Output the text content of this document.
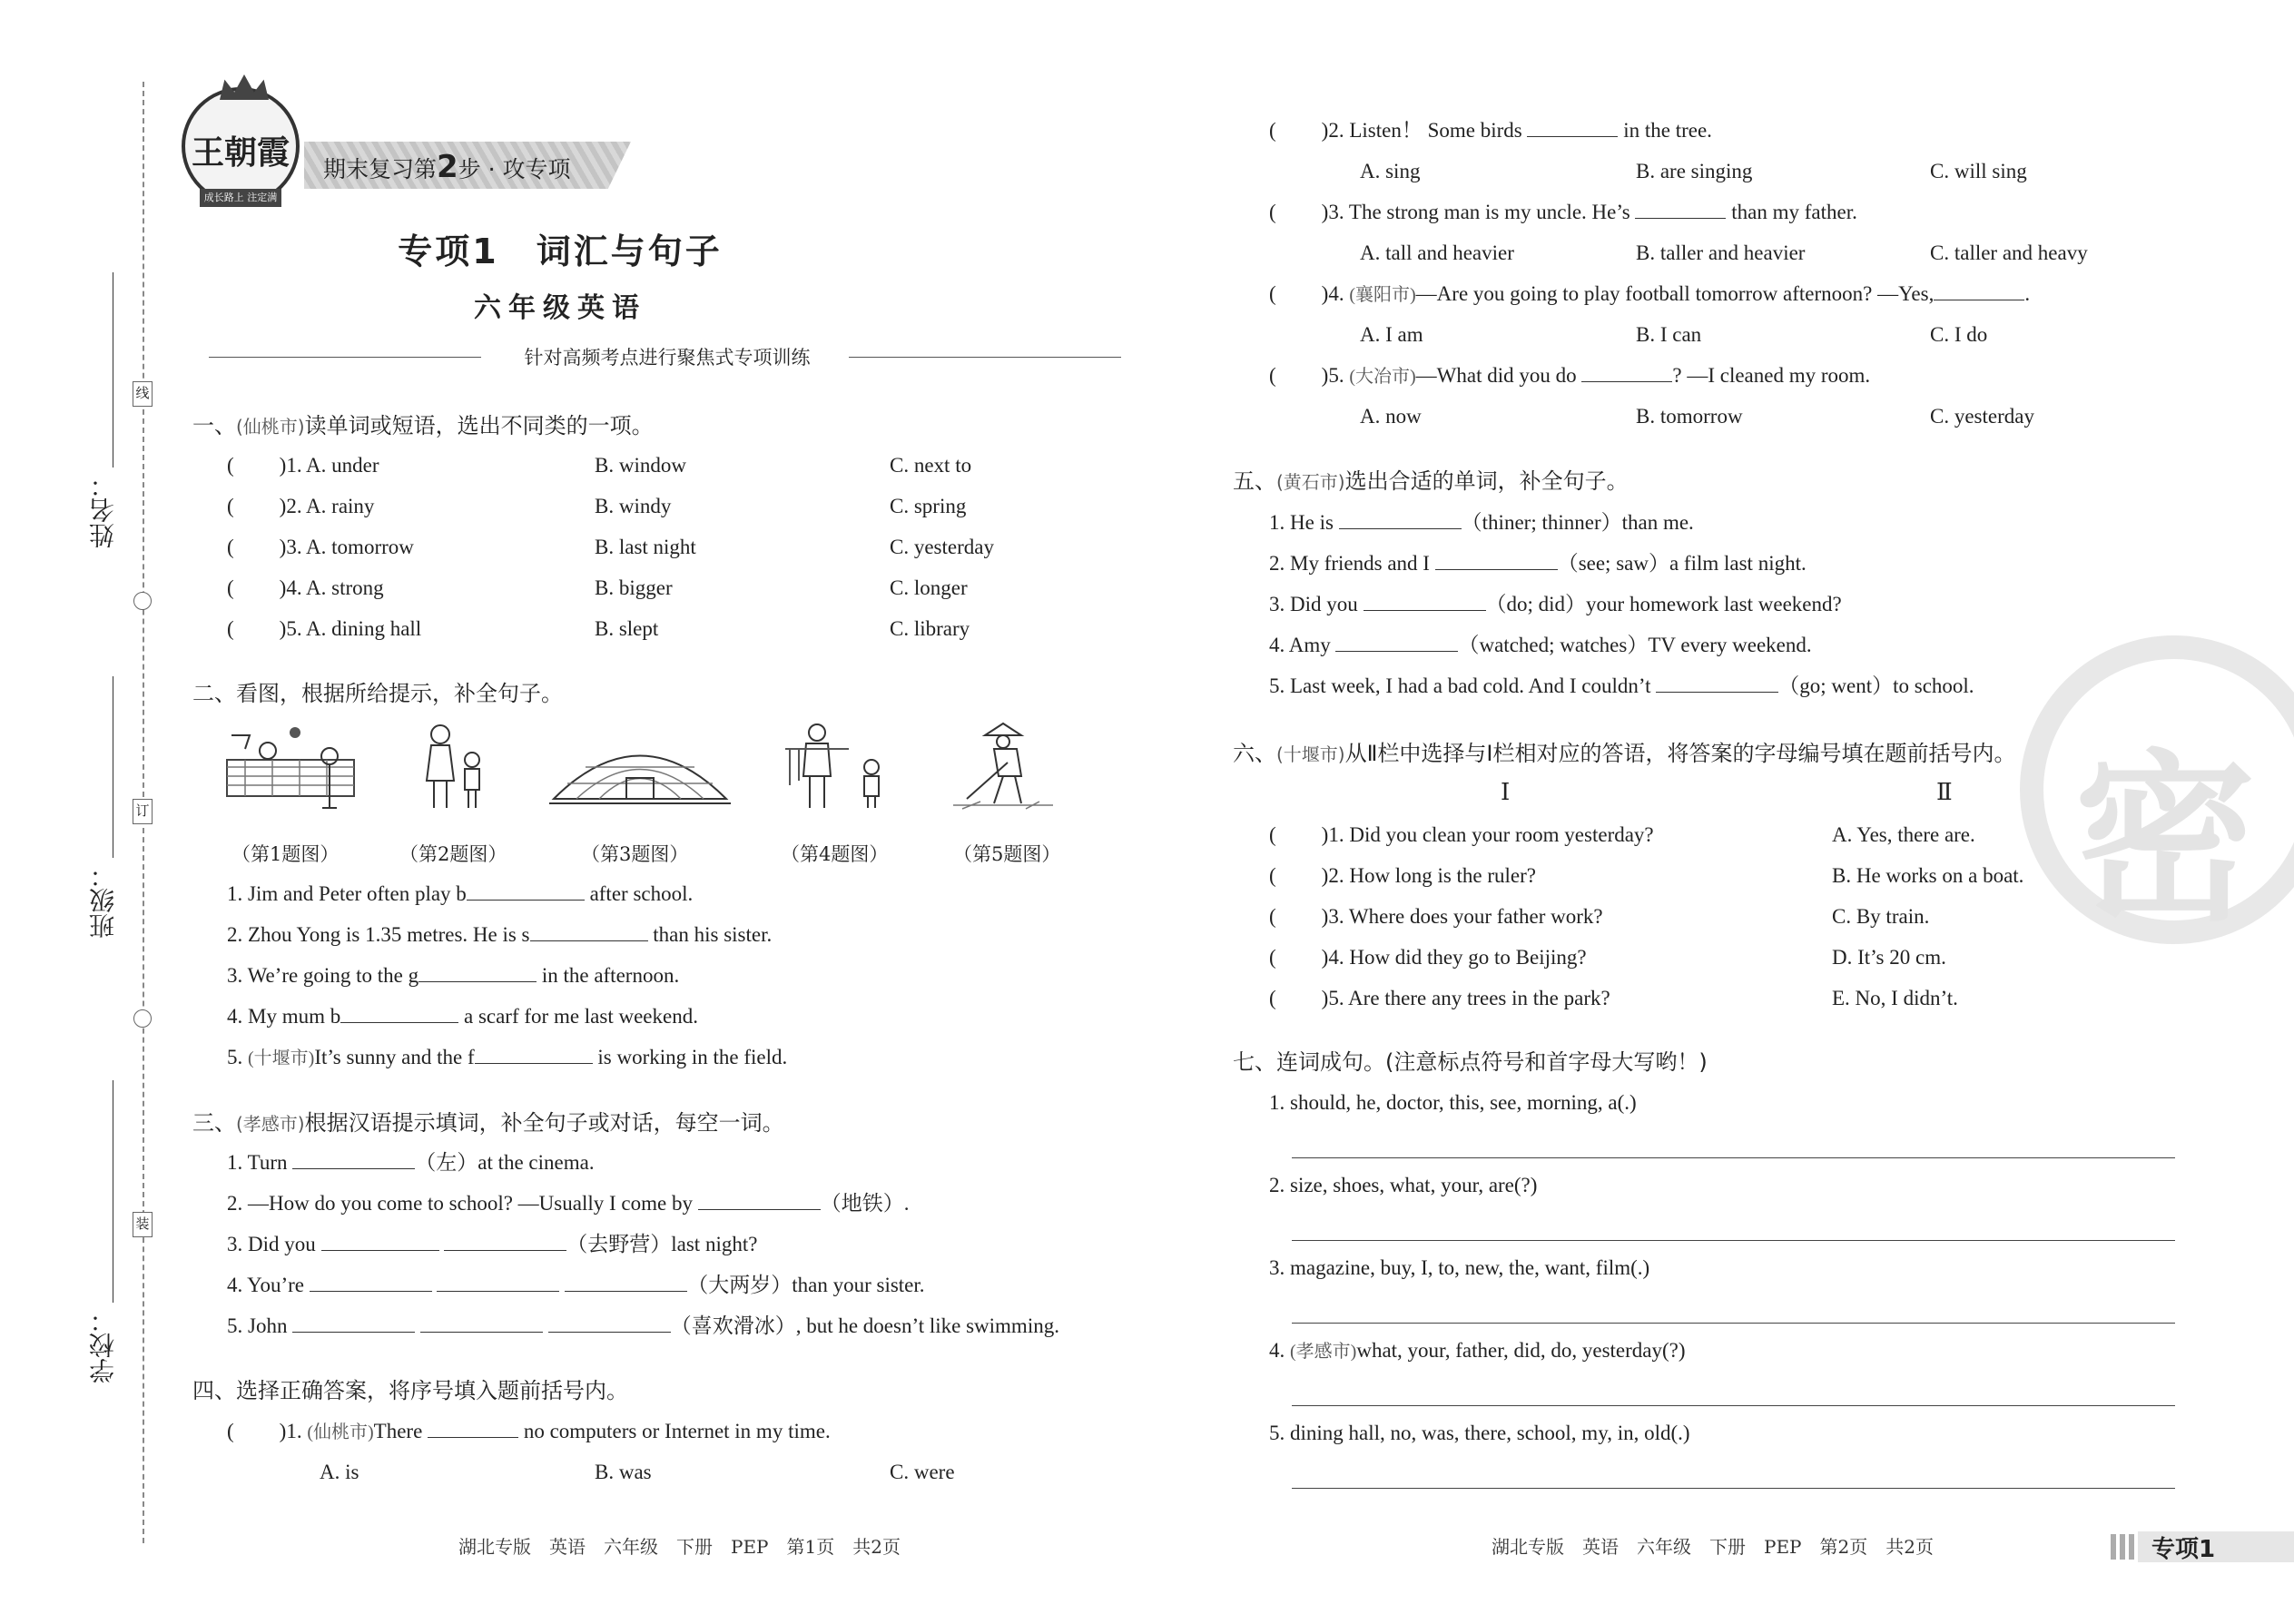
姓名：
班级：
学校：
线
订
装
王朝霞
成长路上 注定满天
期末复习第2步 · 攻专项
专项1　词汇与句子
六年级英语
针对高频考点进行聚焦式专项训练
一、(仙桃市)读单词或短语，选出不同类的一项。
( )1. A. under	B. window	C. next to
( )2. A. rainy	B. windy	C. spring
( )3. A. tomorrow	B. last night	C. yesterday
( )4. A. strong	B. bigger	C. longer
( )5. A. dining hall	B. slept	C. library
二、看图，根据所给提示，补全句子。
（第1题图）	（第2题图）	（第3题图）	（第4题图）	（第5题图）
1. Jim and Peter often play b	after school.
2. Zhou Yong is 1.35 metres. He is s	than his sister.
3. We’re going to the g	in the afternoon.
4. My mum b	a scarf for me last weekend.
5. (十堰市)It’s sunny and the f	is working in the field.
三、(孝感市)根据汉语提示填词，补全句子或对话，每空一词。
1. Turn	（左）at the cinema.
2. —How do you come to school? —Usually I come by	（地铁）.
3. Did you	（去野营）last night?
4. You’re	（大两岁）than your sister.
5. John	（喜欢滑冰）, but he doesn’t like swimming.
四、选择正确答案，将序号填入题前括号内。
( )1. (仙桃市)There	no computers or Internet in my time.
A. is	B. was	C. were
( )2. Listen！ Some birds	in the tree.
A. sing	B. are singing	C. will sing
( )3. The strong man is my uncle. He’s	than my father.
A. tall and heavier	B. taller and heavier	C. taller and heavy
( )4. (襄阳市)—Are you going to play football tomorrow afternoon? —Yes,	.
A. I am	B. I can	C. I do
( )5. (大冶市)—What did you do	? —I cleaned my room.
A. now	B. tomorrow	C. yesterday
五、(黄石市)选出合适的单词，补全句子。
1. He is	（thiner; thinner）than me.
2. My friends and I	（see; saw）a film last night.
3. Did you	（do; did）your homework last weekend?
4. Amy	（watched; watches）TV every weekend.
5. Last week, I had a bad cold. And I couldn’t	（go; went）to school.
密
六、(十堰市)从Ⅱ栏中选择与Ⅰ栏相对应的答语，将答案的字母编号填在题前括号内。
Ⅰ	Ⅱ
( )1. Did you clean your room yesterday?	A. Yes, there are.
( )2. How long is the ruler?	B. He works on a boat.
( )3. Where does your father work?	C. By train.
( )4. How did they go to Beijing?	D. It’s 20 cm.
( )5. Are there any trees in the park?	E. No, I didn’t.
七、连词成句。(注意标点符号和首字母大写哟！)
1. should, he, doctor, this, see, morning, a(.)
2. size, shoes, what, your, are(?)
3. magazine, buy, I, to, new, the, want, film(.)
4. (孝感市)what, your, father, did, do, yesterday(?)
5. dining hall, no, was, there, school, my, in, old(.)
湖北专版　英语　六年级　下册　PEP　第1页　共2页	湖北专版　英语　六年级　下册　PEP　第2页　共2页	专项1
